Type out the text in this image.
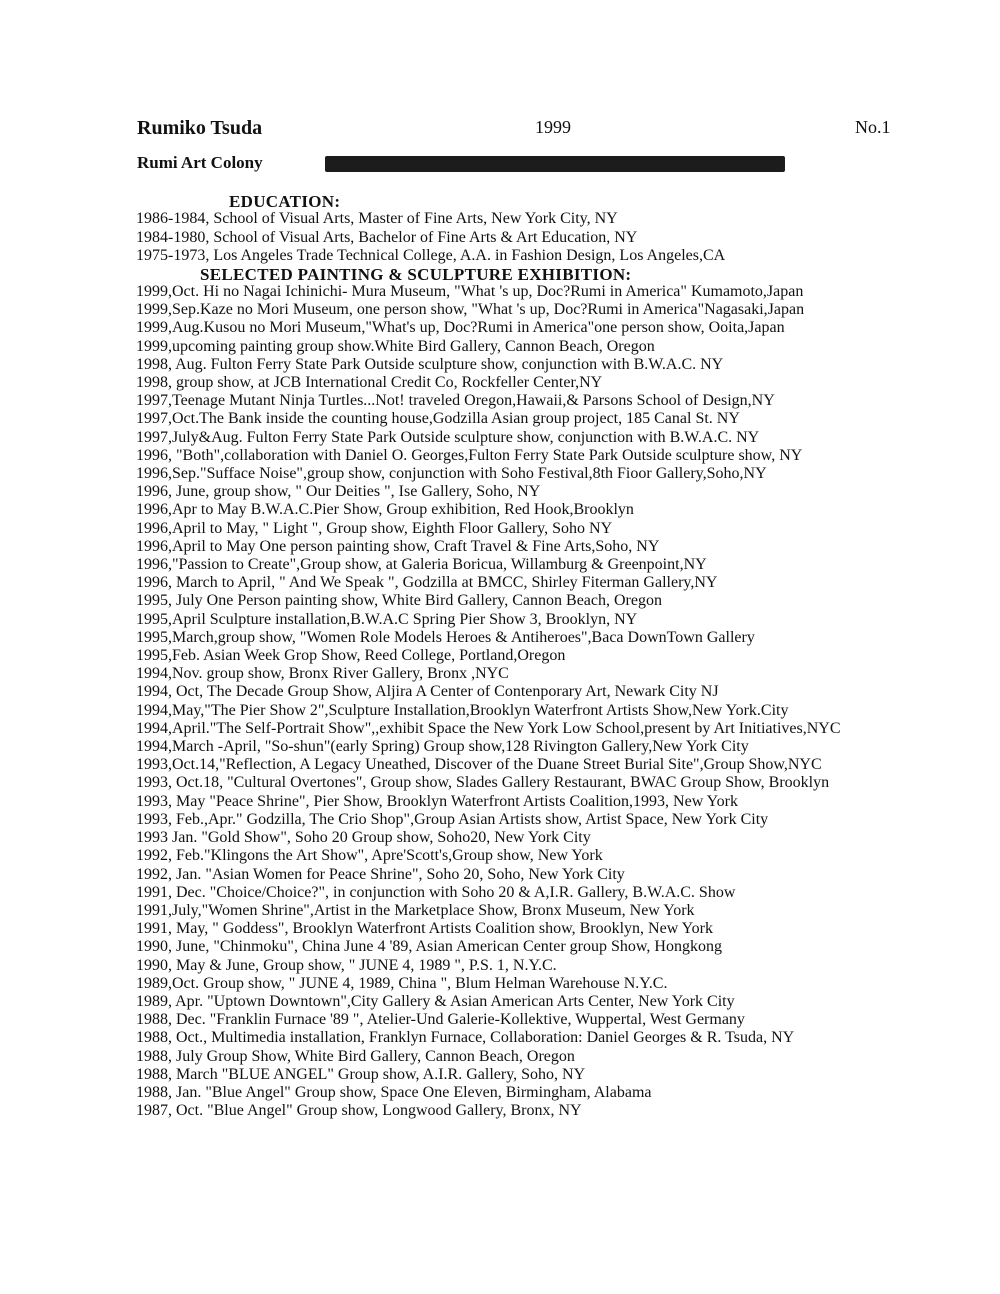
Rumiko Tsuda	1999	No.1
Rumi Art Colony
EDUCATION:
1986-1984, School of Visual Arts, Master of Fine Arts, New York City, NY
1984-1980, School of Visual Arts, Bachelor of Fine Arts & Art Education, NY
1975-1973, Los Angeles Trade Technical College, A.A. in Fashion Design, Los Angeles,CA
SELECTED PAINTING & SCULPTURE EXHIBITION:
1999,Oct. Hi no Nagai Ichinichi- Mura Museum, "What 's up, Doc?Rumi in America" Kumamoto,Japan
1999,Sep.Kaze no Mori Museum, one person show, "What 's up, Doc?Rumi in America"Nagasaki,Japan
1999,Aug.Kusou no Mori Museum,"What's up, Doc?Rumi in America"one person show, Ooita,Japan
1999,upcoming painting group show.White Bird Gallery, Cannon Beach, Oregon
1998, Aug. Fulton Ferry State Park Outside sculpture show, conjunction with B.W.A.C. NY
1998, group show, at JCB International Credit Co, Rockfeller Center,NY
1997,Teenage Mutant Ninja Turtles...Not! traveled Oregon,Hawaii,& Parsons School of Design,NY
1997,Oct.The Bank inside the counting house,Godzilla Asian group project, 185 Canal St. NY
1997,July&Aug. Fulton Ferry State Park Outside sculpture show, conjunction with B.W.A.C. NY
1996, "Both",collaboration with Daniel O. Georges,Fulton Ferry State Park Outside sculpture show, NY
1996,Sep."Sufface Noise",group show, conjunction with Soho Festival,8th Fioor Gallery,Soho,NY
1996, June, group show, " Our Deities ", Ise Gallery, Soho, NY
1996,Apr to May B.W.A.C.Pier Show, Group exhibition, Red Hook,Brooklyn
1996,April to May, " Light ", Group show, Eighth Floor Gallery, Soho NY
1996,April to May One person painting show, Craft Travel & Fine Arts,Soho, NY
1996,"Passion to Create",Group show, at Galeria Boricua, Willamburg & Greenpoint,NY
1996, March to April, " And We Speak ", Godzilla at BMCC, Shirley Fiterman Gallery,NY
1995, July One Person painting show, White Bird Gallery, Cannon Beach, Oregon
1995,April Sculpture installation,B.W.A.C Spring Pier Show 3, Brooklyn, NY
1995,March,group show, "Women Role Models Heroes & Antiheroes",Baca DownTown Gallery
1995,Feb. Asian Week Grop Show, Reed College, Portland,Oregon
1994,Nov. group show, Bronx River Gallery, Bronx ,NYC
1994, Oct, The Decade Group Show, Aljira A Center of Contenporary Art, Newark City NJ
1994,May,"The Pier Show 2",Sculpture Installation,Brooklyn Waterfront Artists Show,New York.City
1994,April."The Self-Portrait Show",,exhibit Space the New York Low School,present by Art Initiatives,NYC
1994,March -April, "So-shun"(early Spring) Group show,128 Rivington Gallery,New York City
1993,Oct.14,"Reflection, A Legacy Uneathed, Discover of the Duane Street Burial Site",Group Show,NYC
1993, Oct.18, "Cultural Overtones", Group show, Slades Gallery Restaurant, BWAC Group Show, Brooklyn
1993, May "Peace Shrine", Pier Show, Brooklyn Waterfront Artists Coalition,1993, New York
1993, Feb.,Apr." Godzilla, The Crio Shop",Group Asian Artists show, Artist Space, New York City
1993 Jan. "Gold Show", Soho 20 Group show, Soho20, New York City
1992, Feb."Klingons the Art Show", Apre'Scott's,Group show, New York
1992, Jan. "Asian Women for Peace Shrine", Soho 20, Soho, New York City
1991, Dec. "Choice/Choice?", in conjunction with Soho 20 & A,I.R. Gallery, B.W.A.C. Show
1991,July,"Women Shrine",Artist in the Marketplace Show, Bronx Museum, New York
1991, May, " Goddess", Brooklyn Waterfront Artists Coalition show, Brooklyn, New York
1990, June, "Chinmoku", China June 4 '89, Asian American Center group Show, Hongkong
1990, May & June, Group show, " JUNE 4, 1989 ", P.S. 1, N.Y.C.
1989,Oct. Group show, " JUNE 4, 1989, China ", Blum Helman Warehouse N.Y.C.
1989, Apr. "Uptown Downtown",City Gallery & Asian American Arts Center, New York City
1988, Dec. "Franklin Furnace '89 ", Atelier-Und Galerie-Kollektive, Wuppertal, West Germany
1988, Oct., Multimedia installation, Franklyn Furnace, Collaboration: Daniel Georges & R. Tsuda, NY
1988, July Group Show, White Bird Gallery, Cannon Beach, Oregon
1988, March "BLUE ANGEL" Group show, A.I.R. Gallery, Soho, NY
1988, Jan. "Blue Angel" Group show, Space One Eleven, Birmingham, Alabama
1987, Oct. "Blue Angel" Group show, Longwood Gallery, Bronx, NY
